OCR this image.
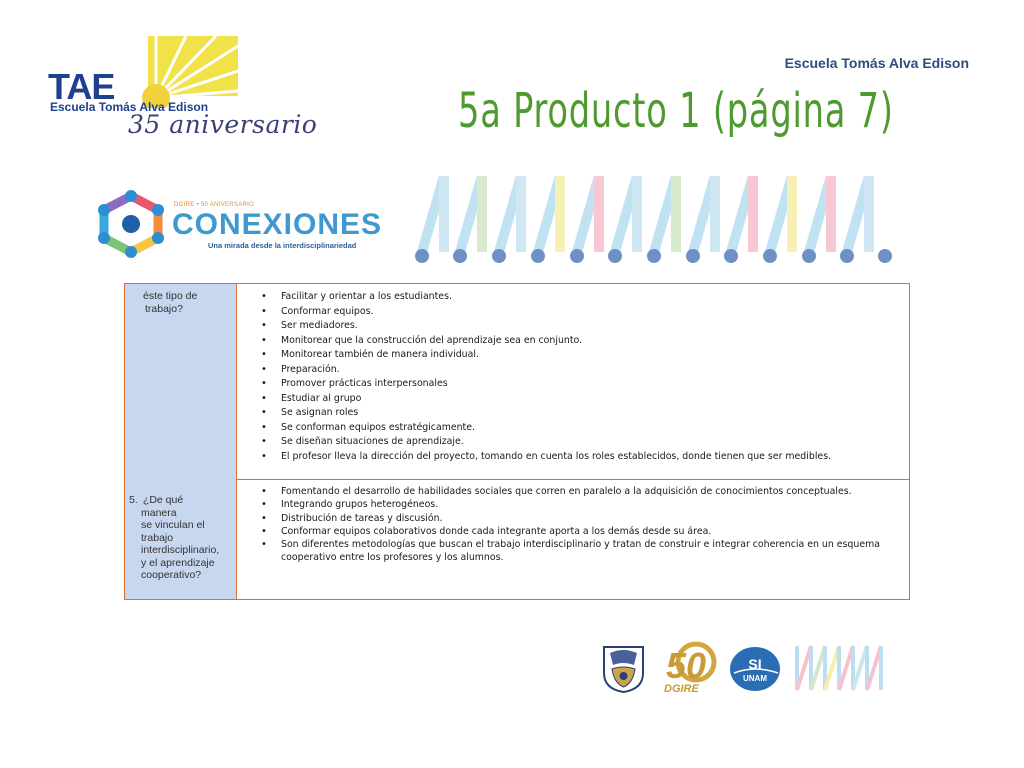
TAE
Escuela Tomás Alva Edison
35 aniversario
Escuela Tomás Alva Edison
5a Producto 1 (página 7)
DGIRE • 50 ANIVERSARIO
CONEXIONES
Una mirada desde la interdisciplinariedad
éste tipo de
trabajo?
• Facilitar y orientar a los estudiantes.
• Conformar equipos.
• Ser mediadores.
• Monitorear que la construcción del aprendizaje sea en conjunto.
• Monitorear también de manera individual.
• Preparación.
• Promover prácticas interpersonales
• Estudiar al grupo
• Se asignan roles
• Se conforman equipos estratégicamente.
• Se diseñan situaciones de aprendizaje.
• El profesor lleva la dirección del proyecto, tomando en cuenta los roles establecidos, donde tienen que ser medibles.
5. ¿De qué
manera
se vinculan el
trabajo
interdisciplinario,
y el aprendizaje
cooperativo?
• Fomentando el desarrollo de habilidades sociales que corren en paralelo a la adquisición de conocimientos conceptuales.
• Integrando grupos heterogéneos.
• Distribución de tareas y discusión.
• Conformar equipos colaborativos donde cada integrante aporta a los demás desde su área.
• Son diferentes metodologías que buscan el trabajo interdisciplinario y tratan de construir e integrar coherencia en un esquema cooperativo entre los profesores y los alumnos.
50
DGIRE
SI
UNAM
